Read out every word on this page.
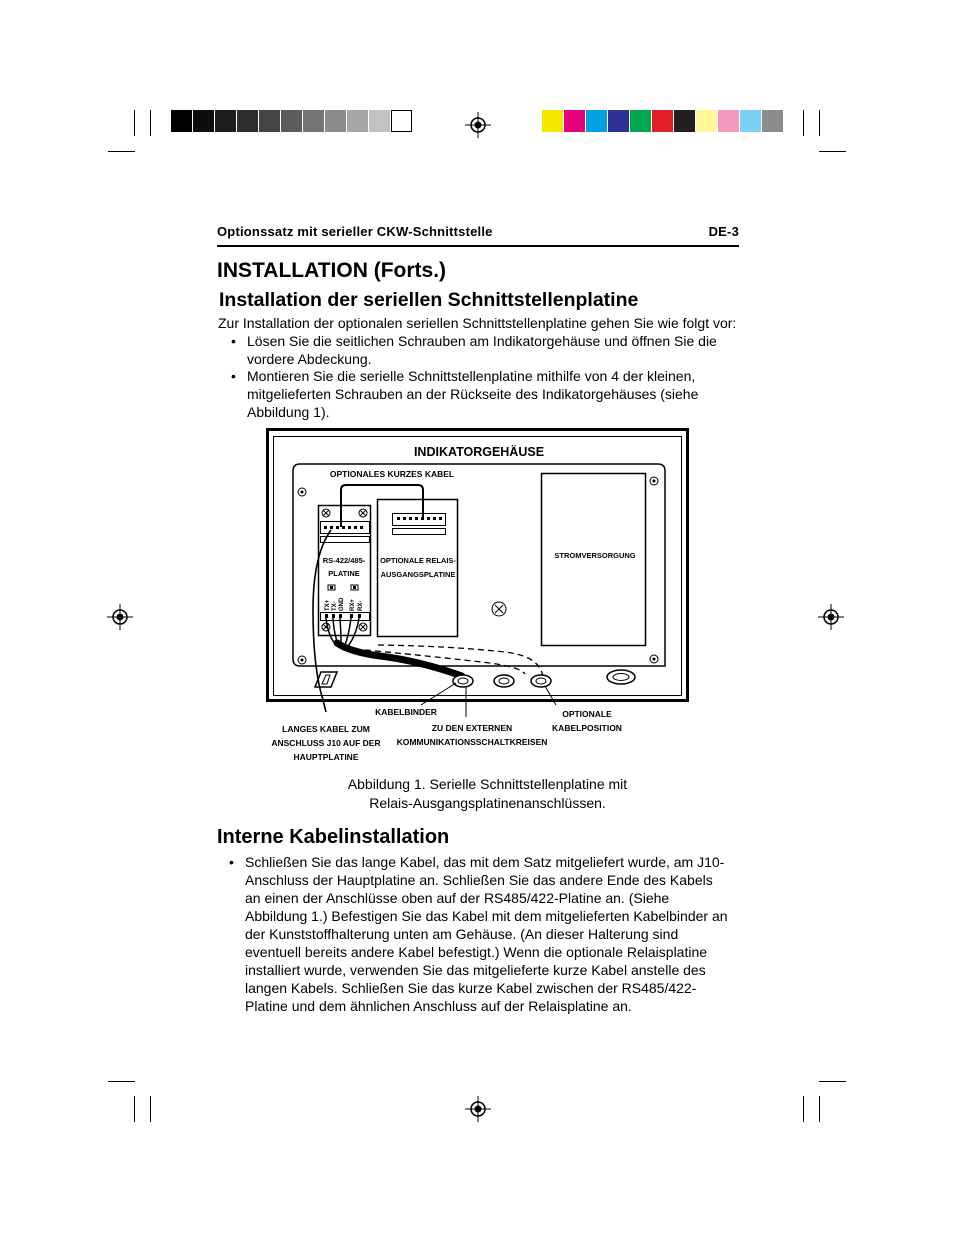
Optionssatz mit serieller CKW-Schnittstelle	DE-3
INSTALLATION (Forts.)
Installation der seriellen Schnittstellenplatine
Zur Installation der optionalen seriellen Schnittstellenplatine gehen Sie wie folgt vor:
• Lösen Sie die seitlichen Schrauben am Indikatorgehäuse und öffnen Sie die
vordere Abdeckung.
• Montieren Sie die serielle Schnittstellenplatine mithilfe von 4 der kleinen,
mitgelieferten Schrauben an der Rückseite des Indikatorgehäuses (siehe
Abbildung 1).
INDIKATORGEHÄUSE
OPTIONALES KURZES KABEL
RS-422/485-
PLATINE
TX+ TX- GND RX+ RX-
OPTIONALE RELAIS-
AUSGANGSPLATINE
STROMVERSORGUNG
KABELBINDER
ZU DEN EXTERNEN
KOMMUNIKATIONSSCHALTKREISEN
OPTIONALE
KABELPOSITION
LANGES KABEL ZUM
ANSCHLUSS J10 AUF DER
HAUPTPLATINE
Abbildung 1. Serielle Schnittstellenplatine mit
Relais-Ausgangsplatinenanschlüssen.
Interne Kabelinstallation
• Schließen Sie das lange Kabel, das mit dem Satz mitgeliefert wurde, am J10-
Anschluss der Hauptplatine an. Schließen Sie das andere Ende des Kabels
an einen der Anschlüsse oben auf der RS485/422-Platine an. (Siehe
Abbildung 1.) Befestigen Sie das Kabel mit dem mitgelieferten Kabelbinder an
der Kunststoffhalterung unten am Gehäuse. (An dieser Halterung sind
eventuell bereits andere Kabel befestigt.) Wenn die optionale Relaisplatine
installiert wurde, verwenden Sie das mitgelieferte kurze Kabel anstelle des
langen Kabels. Schließen Sie das kurze Kabel zwischen der RS485/422-
Platine und dem ähnlichen Anschluss auf der Relaisplatine an.
